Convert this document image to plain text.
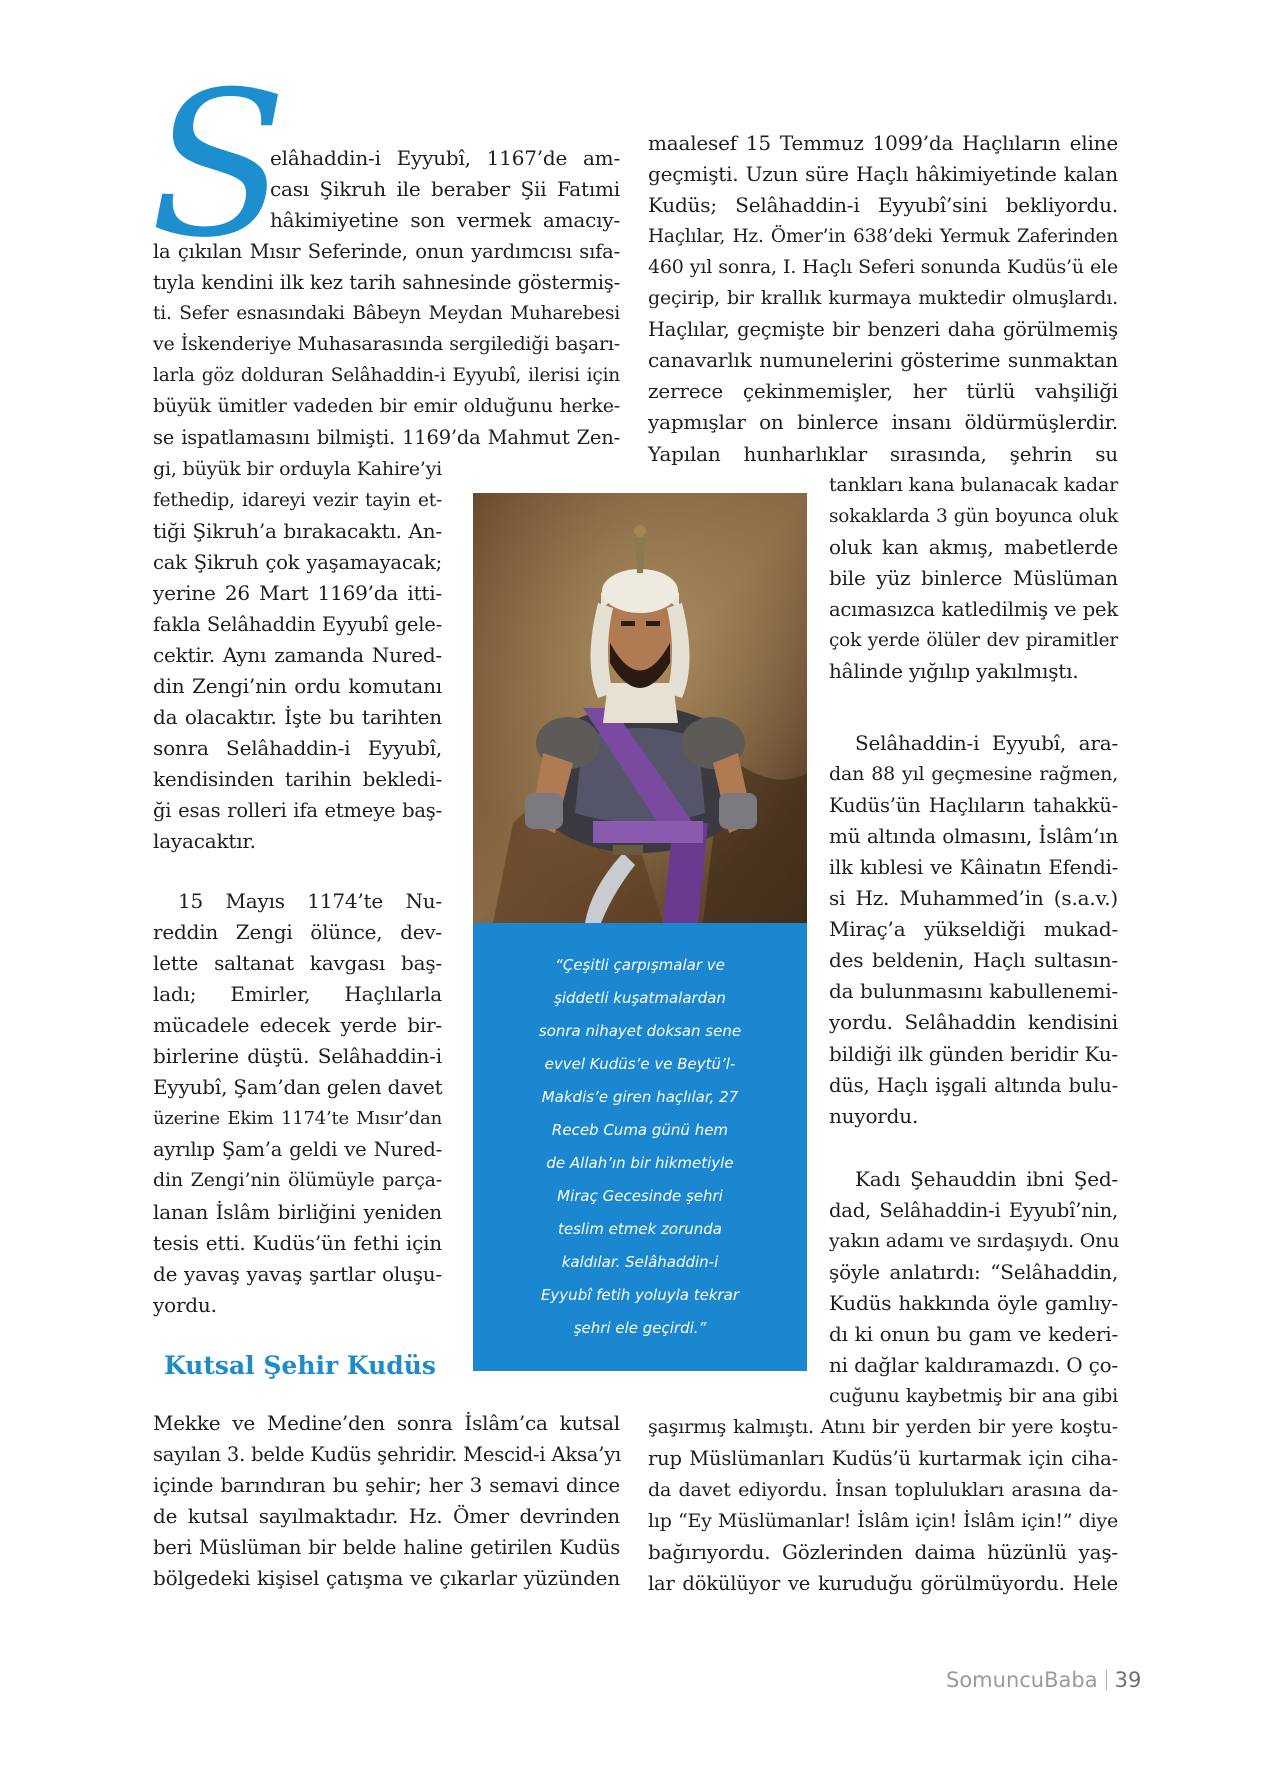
S
elâhaddin-i Eyyubî, 1167’de am-
cası Şikruh ile beraber Şii Fatımi
hâkimiyetine son vermek amacıy-
la çıkılan Mısır Seferinde, onun yardımcısı sıfa-
tıyla kendini ilk kez tarih sahnesinde göstermiş-
ti. Sefer esnasındaki Bâbeyn Meydan Muharebesi
ve İskenderiye Muhasarasında sergilediği başarı-
larla göz dolduran Selâhaddin-i Eyyubî, ilerisi için
büyük ümitler vadeden bir emir olduğunu herke-
se ispatlamasını bilmişti. 1169’da Mahmut Zen-
gi, büyük bir orduyla Kahire’yi
fethedip, idareyi vezir tayin et-
tiği Şikruh’a bırakacaktı. An-
cak Şikruh çok yaşamayacak;
yerine 26 Mart 1169’da itti-
fakla Selâhaddin Eyyubî gele-
cektir. Aynı zamanda Nured-
din Zengi’nin ordu komutanı
da olacaktır. İşte bu tarihten
sonra Selâhaddin-i Eyyubî,
kendisinden tarihin bekledi-
ği esas rolleri ifa etmeye baş-
layacaktır.
15 Mayıs 1174’te Nu-
reddin Zengi ölünce, dev-
lette saltanat kavgası baş-
ladı; Emirler, Haçlılarla
mücadele edecek yerde bir-
birlerine düştü. Selâhaddin-i
Eyyubî, Şam’dan gelen davet
üzerine Ekim 1174’te Mısır’dan
ayrılıp Şam’a geldi ve Nured-
din Zengi’nin ölümüyle parça-
lanan İslâm birliğini yeniden
tesis etti. Kudüs’ün fethi için
de yavaş yavaş şartlar oluşu-
yordu.
Kutsal Şehir Kudüs
Mekke ve Medine’den sonra İslâm’ca kutsal
sayılan 3. belde Kudüs şehridir. Mescid-i Aksa’yı
içinde barındıran bu şehir; her 3 semavi dince
de kutsal sayılmaktadır. Hz. Ömer devrinden
beri Müslüman bir belde haline getirilen Kudüs
bölgedeki kişisel çatışma ve çıkarlar yüzünden
maalesef 15 Temmuz 1099’da Haçlıların eline
geçmişti. Uzun süre Haçlı hâkimiyetinde kalan
Kudüs; Selâhaddin-i Eyyubî’sini bekliyordu.
Haçlılar, Hz. Ömer’in 638’deki Yermuk Zaferinden
460 yıl sonra, I. Haçlı Seferi sonunda Kudüs’ü ele
geçirip, bir krallık kurmaya muktedir olmuşlardı.
Haçlılar, geçmişte bir benzeri daha görülmemiş
canavarlık numunelerini gösterime sunmaktan
zerrece çekinmemişler, her türlü vahşiliği
yapmışlar on binlerce insanı öldürmüşlerdir.
Yapılan hunharlıklar sırasında, şehrin su
tankları kana bulanacak kadar
sokaklarda 3 gün boyunca oluk
oluk kan akmış, mabetlerde
bile yüz binlerce Müslüman
acımasızca katledilmiş ve pek
çok yerde ölüler dev piramitler
hâlinde yığılıp yakılmıştı.
Selâhaddin-i Eyyubî, ara-
dan 88 yıl geçmesine rağmen,
Kudüs’ün Haçlıların tahakkü-
mü altında olmasını, İslâm’ın
ilk kıblesi ve Kâinatın Efendi-
si Hz. Muhammed’in (s.a.v.)
Miraç’a yükseldiği mukad-
des beldenin, Haçlı sultasın-
da bulunmasını kabullenemi-
yordu. Selâhaddin kendisini
bildiği ilk günden beridir Ku-
düs, Haçlı işgali altında bulu-
nuyordu.
Kadı Şehauddin ibni Şed-
dad, Selâhaddin-i Eyyubî’nin,
yakın adamı ve sırdaşıydı. Onu
şöyle anlatırdı: “Selâhaddin,
Kudüs hakkında öyle gamlıy-
dı ki onun bu gam ve kederi-
ni dağlar kaldıramazdı. O ço-
cuğunu kaybetmiş bir ana gibi
şaşırmış kalmıştı. Atını bir yerden bir yere koştu-
rup Müslümanları Kudüs’ü kurtarmak için ciha-
da davet ediyordu. İnsan toplulukları arasına da-
lıp “Ey Müslümanlar! İslâm için! İslâm için!” diye
bağırıyordu. Gözlerinden daima hüzünlü yaş-
lar dökülüyor ve kuruduğu görülmüyordu. Hele
“Çeşitli çarpışmalar ve
şiddetli kuşatmalardan
sonra nihayet doksan sene
evvel Kudüs’e ve Beytü’l-
Makdis’e giren haçlılar, 27
Receb Cuma günü hem
de Allah’ın bir hikmetiyle
Miraç Gecesinde şehri
teslim etmek zorunda
kaldılar. Selâhaddin-i
Eyyubî fetih yoluyla tekrar
şehri ele geçirdi.”
SomuncuBaba 39
